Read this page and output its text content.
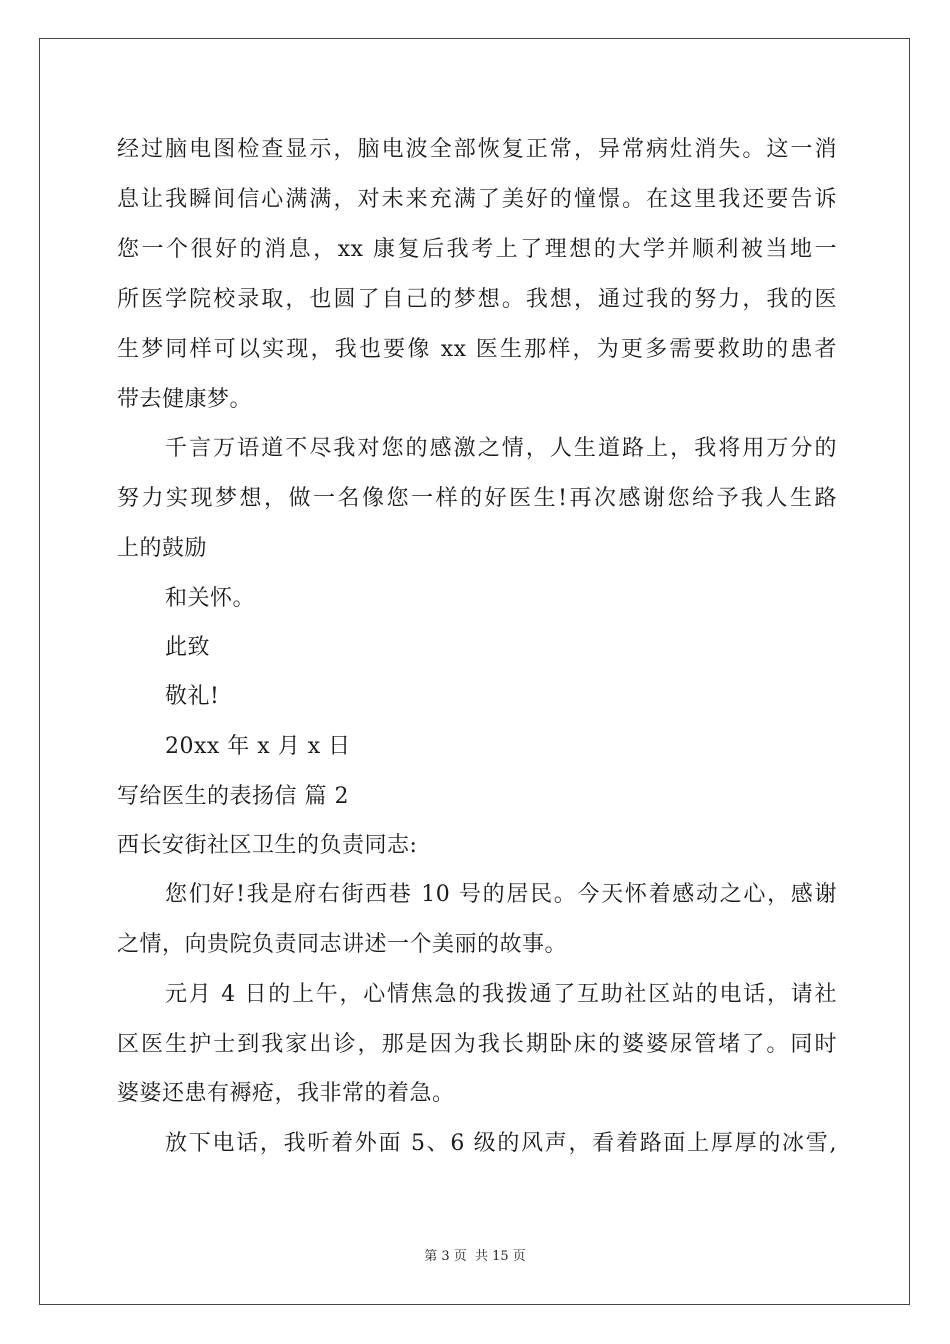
经过脑电图检查显示，脑电波全部恢复正常，异常病灶消失。这一消
息让我瞬间信心满满，对未来充满了美好的憧憬。在这里我还要告诉
您一个很好的消息，xx 康复后我考上了理想的大学并顺利被当地一
所医学院校录取，也圆了自己的梦想。我想，通过我的努力，我的医
生梦同样可以实现，我也要像 xx 医生那样，为更多需要救助的患者
带去健康梦。
千言万语道不尽我对您的感激之情，人生道路上，我将用万分的
努力实现梦想，做一名像您一样的好医生!再次感谢您给予我人生路
上的鼓励
和关怀。
此致
敬礼!
20xx 年 x 月 x 日
写给医生的表扬信 篇 2
西长安街社区卫生的负责同志:
您们好!我是府右街西巷 10 号的居民。今天怀着感动之心，感谢
之情，向贵院负责同志讲述一个美丽的故事。
元月 4 日的上午，心情焦急的我拨通了互助社区站的电话，请社
区医生护士到我家出诊，那是因为我长期卧床的婆婆尿管堵了。同时
婆婆还患有褥疮，我非常的着急。
放下电话，我听着外面 5、6 级的风声，看着路面上厚厚的冰雪,
第 3 页 共 15 页
